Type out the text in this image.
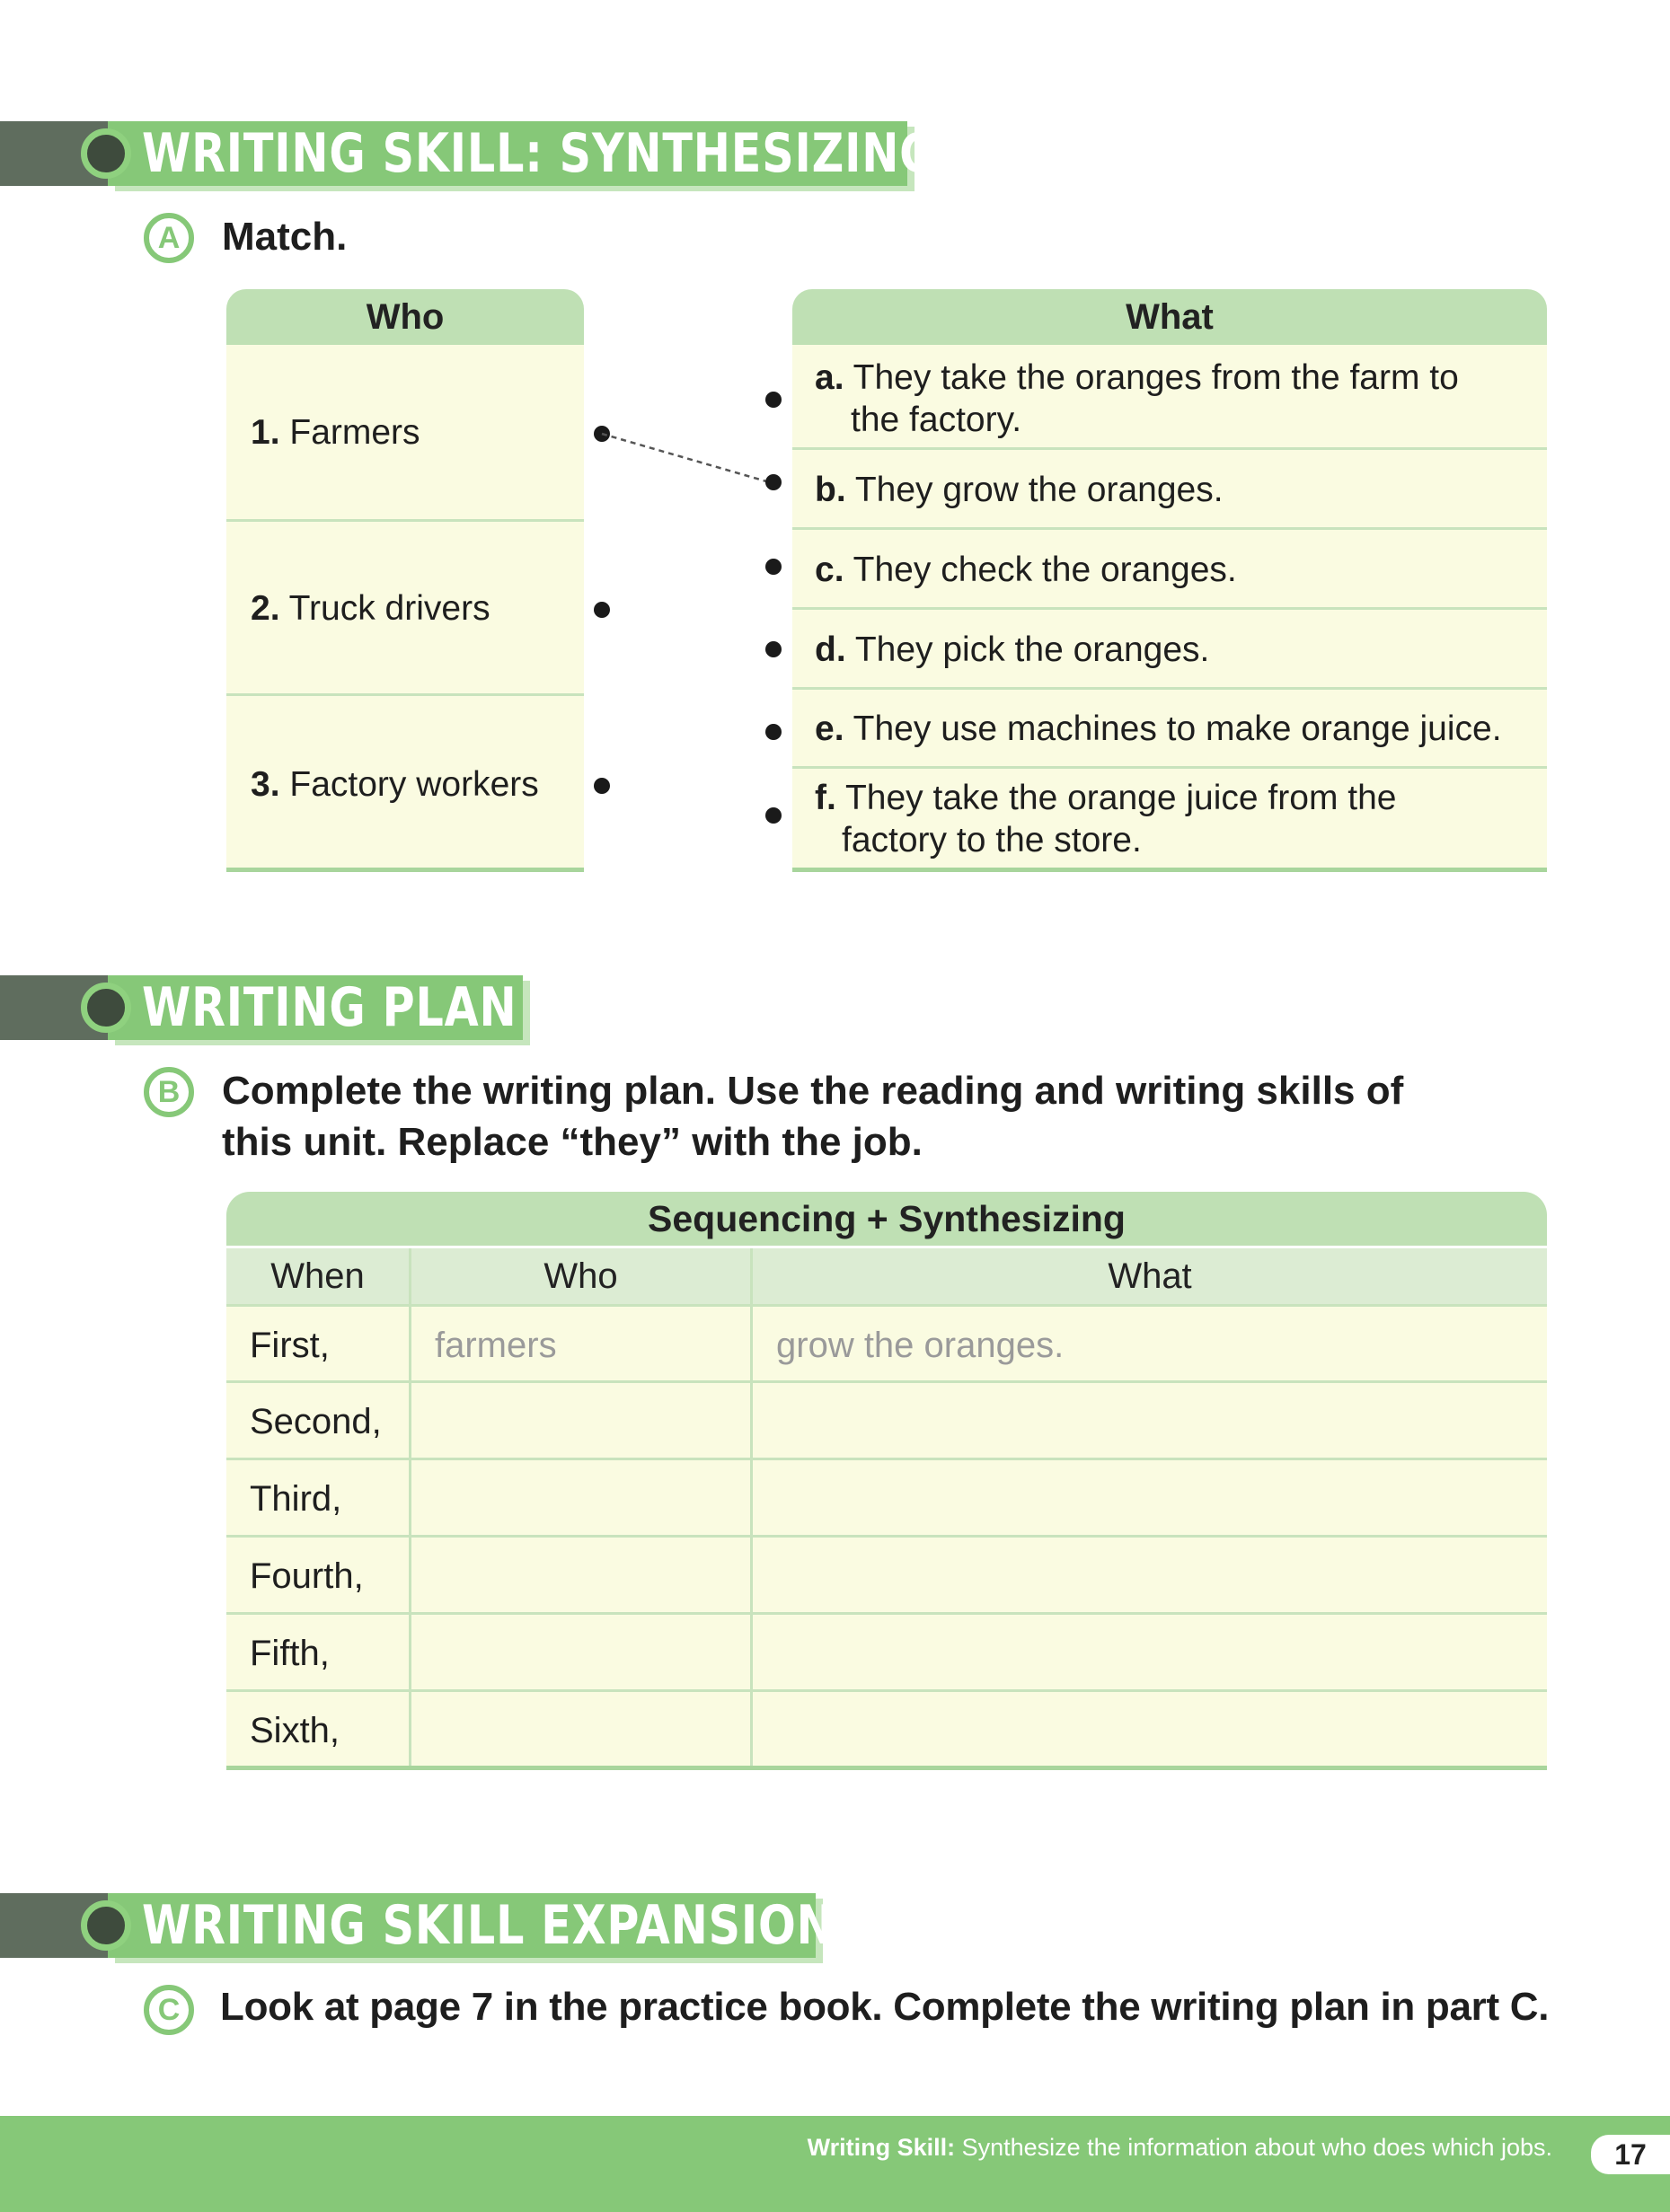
WRITING SKILL: SYNTHESIZING
A	Match.
Who
1. Farmers
2. Truck drivers
3. Factory workers
What
a. They take the oranges from the farm to
the factory.
b. They grow the oranges.
c. They check the oranges.
d. They pick the oranges.
e. They use machines to make orange juice.
f. They take the orange juice from the
factory to the store.
WRITING PLAN
B	Complete the writing plan. Use the reading and writing skills of
this unit. Replace “they” with the job.
Sequencing + Synthesizing
When	Who	What
First,	farmers	grow the oranges.
Second,
Third,
Fourth,
Fifth,
Sixth,
WRITING SKILL EXPANSION
C	Look at page 7 in the practice book. Complete the writing plan in part C.
Writing Skill: Synthesize the information about who does which jobs.	17
